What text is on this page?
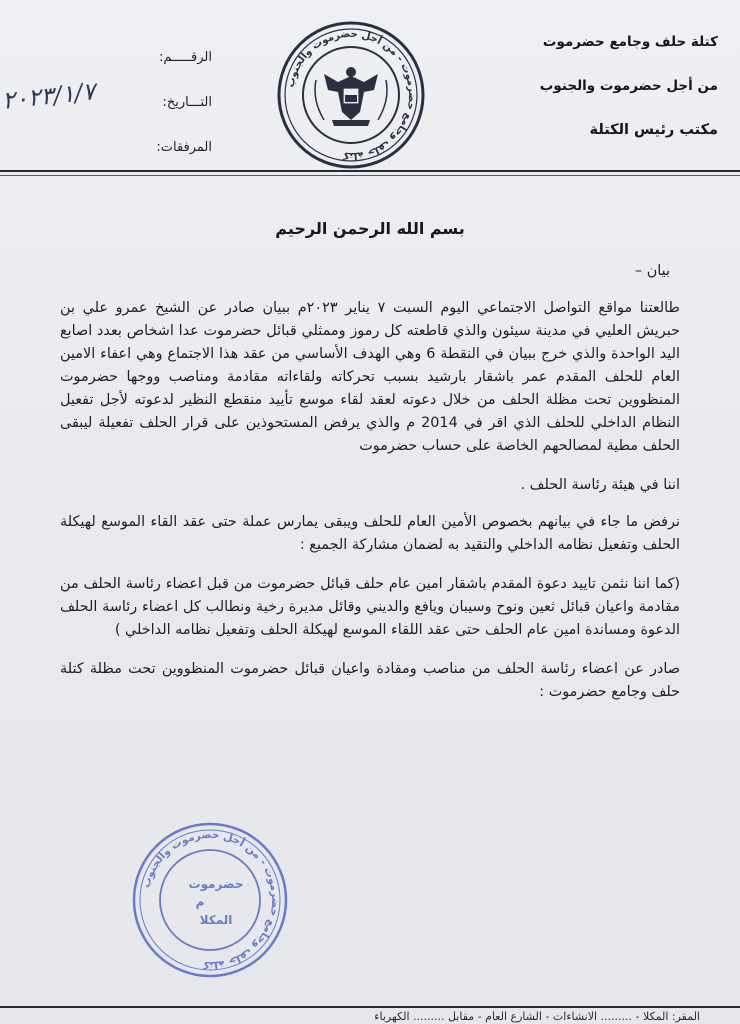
كتلة حلف وجامع حضرموت
من أجل حضرموت والجنوب
مكتب رئيس الكتلة
الرقـــــم:
التـــاريخ:
المرفقات:
٢٠٢٣/١/٧	كتلة حلف وجامع حضرموت - من أجل حضرموت والجنوب
بسم الله الرحمن الرحيم

بيان –

طالعتنا مواقع التواصل الاجتماعي اليوم السبت ٧ يناير ٢٠٢٣م ببيان صادر عن الشيخ عمرو علي بن حبريش العليي في مدينة سيئون والذي قاطعته كل رموز وممثلي قبائل حضرموت عدا اشخاص بعدد اصابع اليد الواحدة والذي خرج ببيان في النقطة 6 وهي الهدف الأساسي من عقد هذا الاجتماع وهي اعفاء الامين العام للحلف المقدم عمر باشقار بارشيد بسبب تحركاته ولقاءاته مقادمة ومناصب ووجها حضرموت المنظووين تحت مظلة الحلف من خلال دعوته لعقد لقاء موسع تأييد منقطع النظير لدعوته لأجل تفعيل النظام الداخلي للحلف الذي اقر في 2014 م والذي يرفض المستحوذين على قرار الحلف تفعيلة ليبقى الحلف مطية لمصالحهم الخاصة على حساب حضرموت

اننا في هيئة رئاسة الحلف .

نرفض ما جاء في بيانهم بخصوص الأمين العام للحلف ويبقى يمارس عملة حتى عقد القاء الموسع لهيكلة الحلف وتفعيل نظامه الداخلي والتقيد به لضمان مشاركة الجميع :

(كما اننا نثمن تاييد دعوة المقدم باشقار امين عام حلف قبائل حضرموت من قبل اعضاء رئاسة الحلف من مقادمة واعيان قبائل ثعين ونوح وسيبان ويافع والديني وقائل مديرة رخية ونطالب كل اعضاء رئاسة الحلف الدعوة ومساندة امين عام الحلف حتى عقد اللقاء الموسع لهيكلة الحلف وتفعيل نظامه الداخلي )

صادر عن اعضاء رئاسة الحلف من مناصب ومقادة واعيان قبائل حضرموت المنظووين تحت مظلة كتلة حلف وجامع حضرموت :

كتلة حلف وجامع حضرموت - من أجل حضرموت والجنوب
حضرموت
م
المكلا
المقر: المكلا - ......... الانشاءات - الشارع العام - مقابل ......... الكهرباء
